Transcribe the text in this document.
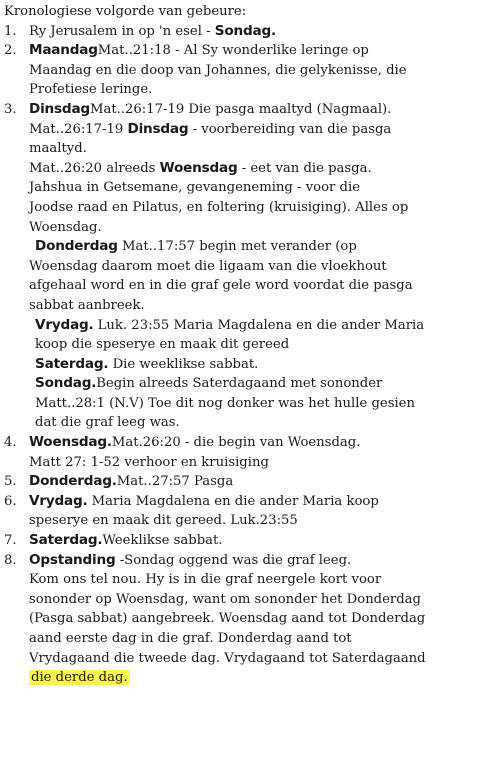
Kronologiese volgorde van gebeure:
1. Ry Jerusalem in op 'n esel - Sondag.
2. MaandagMat..21:18 - Al Sy wonderlike leringe op
Maandag en die doop van Johannes, die gelykenisse, die
Profetiese leringe.
3. DinsdagMat..26:17-19 Die pasga maaltyd (Nagmaal).
Mat..26:17-19 Dinsdag - voorbereiding van die pasga
maaltyd.
Mat..26:20 alreeds Woensdag - eet van die pasga.
Jahshua in Getsemane, gevangeneming - voor die
Joodse raad en Pilatus, en foltering (kruisiging). Alles op
Woensdag.
Donderdag Mat..17:57 begin met verander (op
Woensdag daarom moet die ligaam van die vloekhout
afgehaal word en in die graf gele word voordat die pasga
sabbat aanbreek.
Vrydag. Luk. 23:55 Maria Magdalena en die ander Maria
koop die speserye en maak dit gereed
Saterdag. Die weeklikse sabbat.
Sondag.Begin alreeds Saterdagaand met sononder
Matt..28:1 (N.V) Toe dit nog donker was het hulle gesien
dat die graf leeg was.
4. Woensdag.Mat.26:20 - die begin van Woensdag.
Matt 27: 1-52 verhoor en kruisiging
5. Donderdag.Mat..27:57 Pasga
6. Vrydag. Maria Magdalena en die ander Maria koop
speserye en maak dit gereed. Luk.23:55
7. Saterdag.Weeklikse sabbat.
8. Opstanding -Sondag oggend was die graf leeg.
Kom ons tel nou. Hy is in die graf neergele kort voor
sononder op Woensdag, want om sononder het Donderdag
(Pasga sabbat) aangebreek. Woensdag aand tot Donderdag
aand eerste dag in die graf. Donderdag aand tot
Vrydagaand die tweede dag. Vrydagaand tot Saterdagaand
die derde dag.
